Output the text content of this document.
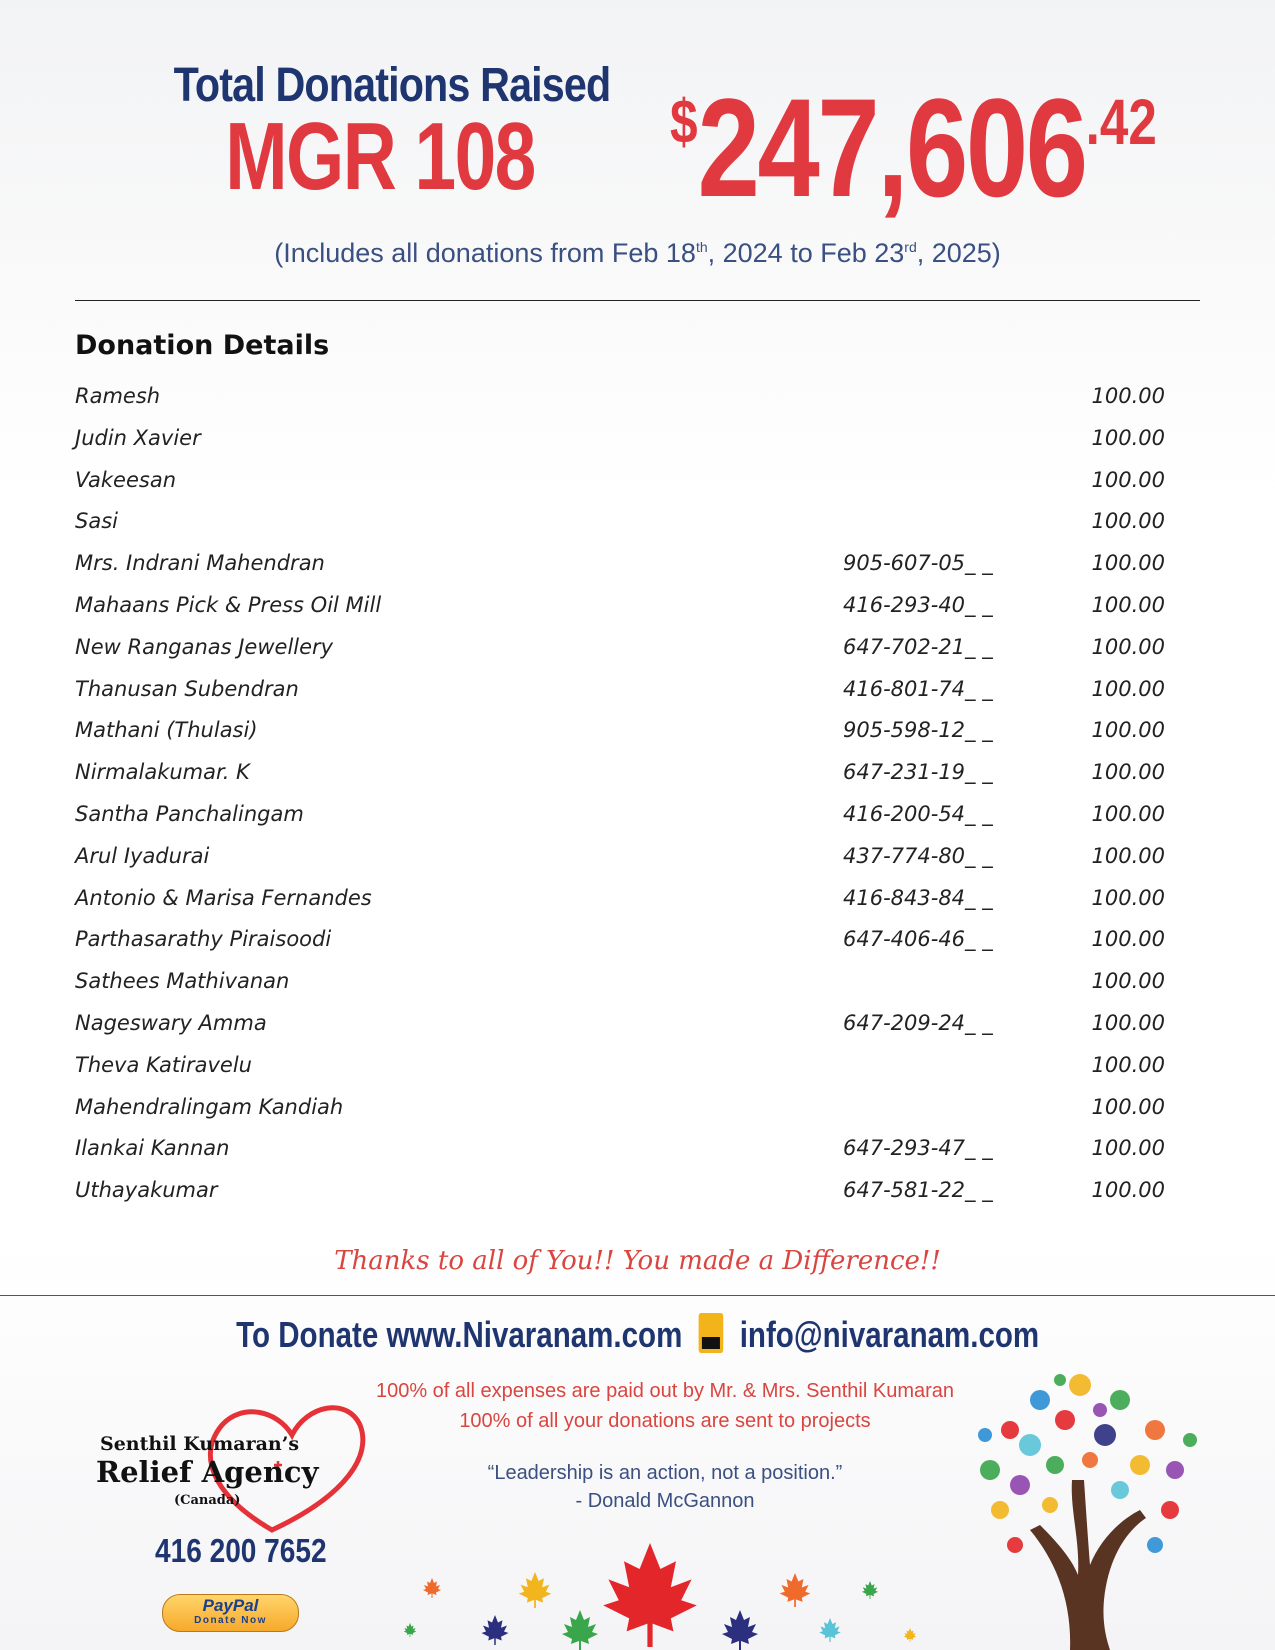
Total Donations Raised
MGR 108	$247,606.42
(Includes all donations from Feb 18th, 2024 to Feb 23rd, 2025)
Donation Details
Ramesh	100.00
Judin Xavier	100.00
Vakeesan	100.00
Sasi	100.00
Mrs. Indrani Mahendran	905-607-05_ _	100.00
Mahaans Pick & Press Oil Mill	416-293-40_ _	100.00
New Ranganas Jewellery	647-702-21_ _	100.00
Thanusan Subendran	416-801-74_ _	100.00
Mathani (Thulasi)	905-598-12_ _	100.00
Nirmalakumar. K	647-231-19_ _	100.00
Santha Panchalingam	416-200-54_ _	100.00
Arul Iyadurai	437-774-80_ _	100.00
Antonio & Marisa Fernandes	416-843-84_ _	100.00
Parthasarathy Piraisoodi	647-406-46_ _	100.00
Sathees Mathivanan	100.00
Nageswary Amma	647-209-24_ _	100.00
Theva Katiravelu	100.00
Mahendralingam Kandiah	100.00
Ilankai Kannan	647-293-47_ _	100.00
Uthayakumar	647-581-22_ _	100.00
Thanks to all of You!! You made a Difference!!
To Donate www.Nivaranam.com info@nivaranam.com
100% of all expenses are paid out by Mr. & Mrs. Senthil Kumaran
100% of all your donations are sent to projects
“Leadership is an action, not a position.”
- Donald McGannon
Senthil Kumaran’s
Relief Agency
(Canada)
416 200 7652
PayPal
Donate Now
